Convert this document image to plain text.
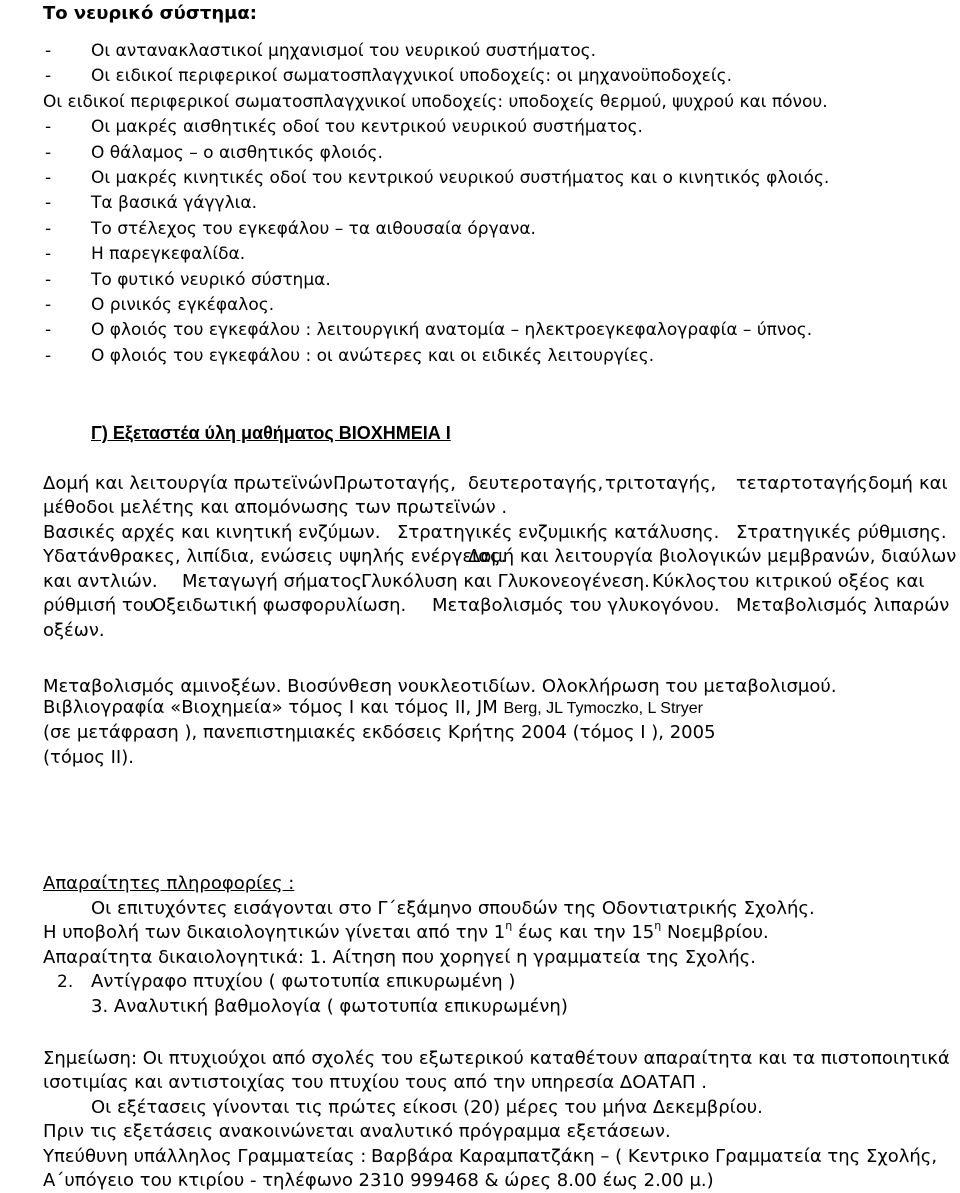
Το νευρικό σύστημα:
- Οι αντανακλαστικοί μηχανισμοί του νευρικού συστήματος.
- Οι ειδικοί περιφερικοί σωματοσπλαγχνικοί υποδοχείς: οι μηχανοϋποδοχείς.
Οι ειδικοί περιφερικοί σωματοσπλαγχνικοί υποδοχείς: υποδοχείς θερμού, ψυχρού και πόνου.
- Οι μακρές αισθητικές οδοί του κεντρικού νευρικού συστήματος.
- Ο θάλαμος – ο αισθητικός φλοιός.
- Οι μακρές κινητικές οδοί του κεντρικού νευρικού συστήματος και ο κινητικός φλοιός.
- Τα βασικά γάγγλια.
- Το στέλεχος του εγκεφάλου – τα αιθουσαία όργανα.
- Η παρεγκεφαλίδα.
- Το φυτικό νευρικό σύστημα.
- Ο ρινικός εγκέφαλος.
- Ο φλοιός του εγκεφάλου : λειτουργική ανατομία – ηλεκτροεγκεφαλογραφία – ύπνος.
- Ο φλοιός του εγκεφάλου : οι ανώτερες και οι ειδικές λειτουργίες.
Γ) Εξεταστέα ύλη μαθήματος ΒΙΟΧΗΜΕΙΑ Ι
Δομή και λειτουργία πρωτεϊνών .
Πρωτοταγής, δευτεροταγής, τριτοταγής, τεταρτοταγής δομή και
μέθοδοι μελέτης και απομόνωσης των πρωτεϊνών .
Βασικές αρχές και κινητική ενζύμων. Στρατηγικές ενζυμικής κατάλυσης. Στρατηγικές ρύθμισης.
Υδατάνθρακες, λιπίδια, ενώσεις υψηλής ενέργειας.
Δομή και λειτουργία βιολογικών μεμβρανών, διαύλων
και αντλιών. Μεταγωγή σήματος.
Γλυκόλυση και Γλυκονεογένεση. Κύκλος του κιτρικού οξέος και
ρύθμισή του.
Οξειδωτική φωσφορυλίωση. Μεταβολισμός του γλυκογόνου. Μεταβολισμός λιπαρών
οξέων.
Μεταβολισμός αμινοξέων. Βιοσύνθεση νουκλεοτιδίων. Ολοκλήρωση του μεταβολισμού.
Βιβλιογραφία «Βιοχημεία» τόμος Ι και τόμος ΙΙ, JM Berg, JL Tymoczko, L Stryer
(σε μετάφραση ), πανεπιστημιακές εκδόσεις Κρήτης 2004 (τόμος Ι ), 2005
(τόμος ΙΙ).
Απαραίτητες πληροφορίες :
Οι επιτυχόντες εισάγονται στο Γ΄εξάμηνο σπουδών της Οδοντιατρικής Σχολής.
Η υποβολή των δικαιολογητικών γίνεται από την $1^\eta$ έως και την $15^\eta$ Νοεμβρίου.
Απαραίτητα δικαιολογητικά: 1. Αίτηση που χορηγεί η γραμματεία της Σχολής.
2. Αντίγραφο πτυχίου ( φωτοτυπία επικυρωμένη )
3. Αναλυτική βαθμολογία ( φωτοτυπία επικυρωμένη)
Σημείωση: Οι πτυχιούχοι από σχολές του εξωτερικού καταθέτουν απαραίτητα και τα πιστοποιητικά
ισοτιμίας και αντιστοιχίας του πτυχίου τους από την υπηρεσία ΔΟΑΤΑΠ .
Οι εξέτασεις γίνονται τις πρώτες είκοσι (20) μέρες του μήνα Δεκεμβρίου.
Πριν τις εξετάσεις ανακοινώνεται αναλυτικό πρόγραμμα εξετάσεων.
Υπεύθυνη υπάλληλος Γραμματείας : Βαρβάρα Καραμπατζάκη – ( Κεντρικο Γραμματεία της Σχολής,
Α΄υπόγειο του κτιρίου - τηλέφωνο 2310 999468 & ώρες 8.00 έως 2.00 μ.)
